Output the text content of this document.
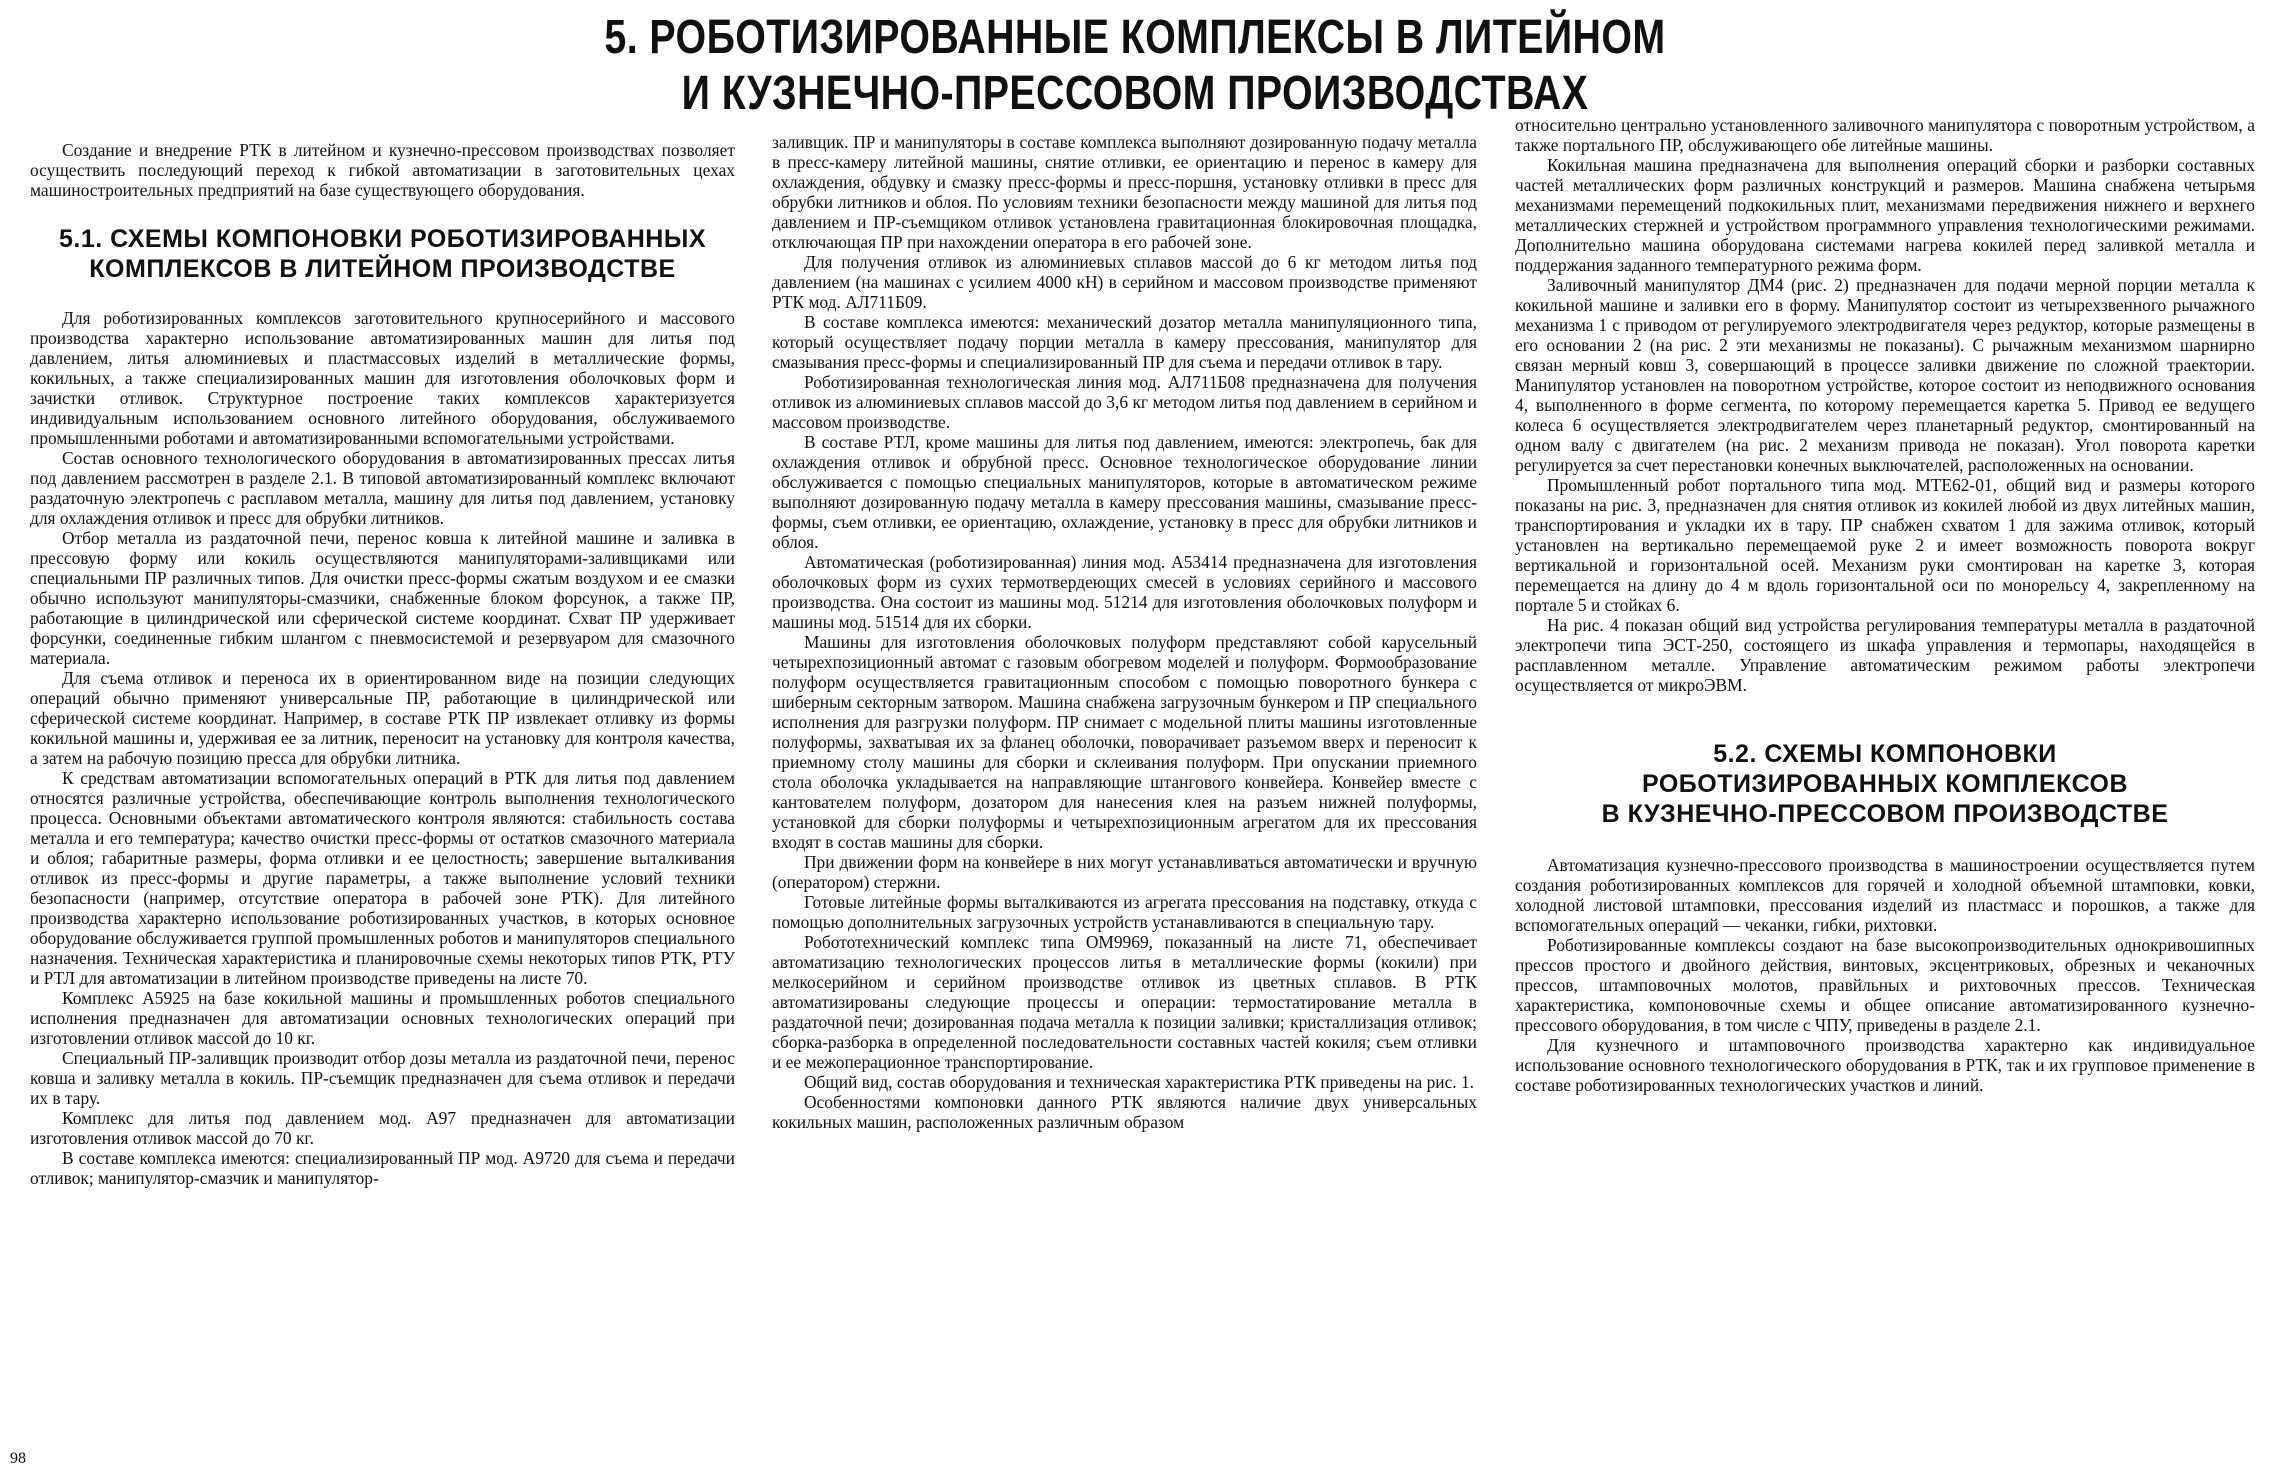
5. РОБОТИЗИРОВАННЫЕ КОМПЛЕКСЫ В ЛИТЕЙНОМ
И КУЗНЕЧНО-ПРЕССОВОМ ПРОИЗВОДСТВАХ

Создание и внедрение РТК в литейном и кузнечно-прессовом производствах позволяет осуществить последующий переход к гибкой автоматизации в заготовительных цехах машиностроительных предприятий на базе существующего оборудования.

5.1. СХЕМЫ КОМПОНОВКИ РОБОТИЗИРОВАННЫХ
КОМПЛЕКСОВ В ЛИТЕЙНОМ ПРОИЗВОДСТВЕ

Для роботизированных комплексов заготовительного крупносерийного и массового производства характерно использование автоматизированных машин для литья под давлением, литья алюминиевых и пластмассовых изделий в металлические формы, кокильных, а также специализированных машин для изготовления оболочковых форм и зачистки отливок. Структурное построение таких комплексов характеризуется индивидуальным использованием основного литейного оборудования, обслуживаемого промышленными роботами и автоматизированными вспомогательными устройствами.

Состав основного технологического оборудования в автоматизированных прессах литья под давлением рассмотрен в разделе 2.1. В типовой автоматизированный комплекс включают раздаточную электропечь с расплавом металла, машину для литья под давлением, установку для охлаждения отливок и пресс для обрубки литников.

Отбор металла из раздаточной печи, перенос ковша к литейной машине и заливка в прессовую форму или кокиль осуществляются манипуляторами-заливщиками или специальными ПР различных типов. Для очистки пресс-формы сжатым воздухом и ее смазки обычно используют манипуляторы-смазчики, снабженные блоком форсунок, а также ПР, работающие в цилиндрической или сферической системе координат. Схват ПР удерживает форсунки, соединенные гибким шлангом с пневмосистемой и резервуаром для смазочного материала.

Для съема отливок и переноса их в ориентированном виде на позиции следующих операций обычно применяют универсальные ПР, работающие в цилиндрической или сферической системе координат. Например, в составе РТК ПР извлекает отливку из формы кокильной машины и, удерживая ее за литник, переносит на установку для контроля качества, а затем на рабочую позицию пресса для обрубки литника.

К средствам автоматизации вспомогательных операций в РТК для литья под давлением относятся различные устройства, обеспечивающие контроль выполнения технологического процесса. Основными объектами автоматического контроля являются: стабильность состава металла и его температура; качество очистки пресс-формы от остатков смазочного материала и облоя; габаритные размеры, форма отливки и ее целостность; завершение выталкивания отливок из пресс-формы и другие параметры, а также выполнение условий техники безопасности (например, отсутствие оператора в рабочей зоне РТК). Для литейного производства характерно использование роботизированных участков, в которых основное оборудование обслуживается группой промышленных роботов и манипуляторов специального назначения. Техническая характеристика и планировочные схемы некоторых типов РТК, РТУ и РТЛ для автоматизации в литейном производстве приведены на листе 70.

Комплекс А5925 на базе кокильной машины и промышленных роботов специального исполнения предназначен для автоматизации основных технологических операций при изготовлении отливок массой до 10 кг.

Специальный ПР-заливщик производит отбор дозы металла из раздаточной печи, перенос ковша и заливку металла в кокиль. ПР-съемщик предназначен для съема отливок и передачи их в тару.

Комплекс для литья под давлением мод. А97 предназначен для автоматизации изготовления отливок массой до 70 кг.

В составе комплекса имеются: специализированный ПР мод. А9720 для съема и передачи отливок; манипулятор-смазчик и манипулятор-

заливщик. ПР и манипуляторы в составе комплекса выполняют дозированную подачу металла в пресс-камеру литейной машины, снятие отливки, ее ориентацию и перенос в камеру для охлаждения, обдувку и смазку пресс-формы и пресс-поршня, установку отливки в пресс для обрубки литников и облоя. По условиям техники безопасности между машиной для литья под давлением и ПР-съемщиком отливок установлена гравитационная блокировочная площадка, отключающая ПР при нахождении оператора в его рабочей зоне.

Для получения отливок из алюминиевых сплавов массой до 6 кг методом литья под давлением (на машинах с усилием 4000 кН) в серийном и массовом производстве применяют РТК мод. АЛ711Б09.

В составе комплекса имеются: механический дозатор металла манипуляционного типа, который осуществляет подачу порции металла в камеру прессования, манипулятор для смазывания пресс-формы и специализированный ПР для съема и передачи отливок в тару.

Роботизированная технологическая линия мод. АЛ711Б08 предназначена для получения отливок из алюминиевых сплавов массой до 3,6 кг методом литья под давлением в серийном и массовом производстве.

В составе РТЛ, кроме машины для литья под давлением, имеются: электропечь, бак для охлаждения отливок и обрубной пресс. Основное технологическое оборудование линии обслуживается с помощью специальных манипуляторов, которые в автоматическом режиме выполняют дозированную подачу металла в камеру прессования машины, смазывание пресс-формы, съем отливки, ее ориентацию, охлаждение, установку в пресс для обрубки литников и облоя.

Автоматическая (роботизированная) линия мод. А53414 предназначена для изготовления оболочковых форм из сухих термотвердеющих смесей в условиях серийного и массового производства. Она состоит из машины мод. 51214 для изготовления оболочковых полуформ и машины мод. 51514 для их сборки.

Машины для изготовления оболочковых полуформ представляют собой карусельный четырехпозиционный автомат с газовым обогревом моделей и полуформ. Формообразование полуформ осуществляется гравитационным способом с помощью поворотного бункера с шиберным секторным затвором. Машина снабжена загрузочным бункером и ПР специального исполнения для разгрузки полуформ. ПР снимает с модельной плиты машины изготовленные полуформы, захватывая их за фланец оболочки, поворачивает разъемом вверх и переносит к приемному столу машины для сборки и склеивания полуформ. При опускании приемного стола оболочка укладывается на направляющие штангового конвейера. Конвейер вместе с кантователем полуформ, дозатором для нанесения клея на разъем нижней полуформы, установкой для сборки полуформы и четырехпозиционным агрегатом для их прессования входят в состав машины для сборки.

При движении форм на конвейере в них могут устанавливаться автоматически и вручную (оператором) стержни.

Готовые литейные формы выталкиваются из агрегата прессования на подставку, откуда с помощью дополнительных загрузочных устройств устанавливаются в специальную тару.

Робототехнический комплекс типа ОМ9969, показанный на листе 71, обеспечивает автоматизацию технологических процессов литья в металлические формы (кокили) при мелкосерийном и серийном производстве отливок из цветных сплавов. В РТК автоматизированы следующие процессы и операции: термостатирование металла в раздаточной печи; дозированная подача металла к позиции заливки; кристаллизация отливок; сборка-разборка в определенной последовательности составных частей кокиля; съем отливки и ее межоперационное транспортирование.

Общий вид, состав оборудования и техническая характеристика РТК приведены на рис. 1.

Особенностями компоновки данного РТК являются наличие двух универсальных кокильных машин, расположенных различным образом

относительно центрально установленного заливочного манипулятора с поворотным устройством, а также портального ПР, обслуживающего обе литейные машины.

Кокильная машина предназначена для выполнения операций сборки и разборки составных частей металлических форм различных конструкций и размеров. Машина снабжена четырьмя механизмами перемещений подкокильных плит, механизмами передвижения нижнего и верхнего металлических стержней и устройством программного управления технологическими режимами. Дополнительно машина оборудована системами нагрева кокилей перед заливкой металла и поддержания заданного температурного режима форм.

Заливочный манипулятор ДМ4 (рис. 2) предназначен для подачи мерной порции металла к кокильной машине и заливки его в форму. Манипулятор состоит из четырехзвенного рычажного механизма 1 с приводом от регулируемого электродвигателя через редуктор, которые размещены в его основании 2 (на рис. 2 эти механизмы не показаны). С рычажным механизмом шарнирно связан мерный ковш 3, совершающий в процессе заливки движение по сложной траектории. Манипулятор установлен на поворотном устройстве, которое состоит из неподвижного основания 4, выполненного в форме сегмента, по которому перемещается каретка 5. Привод ее ведущего колеса 6 осуществляется электродвигателем через планетарный редуктор, смонтированный на одном валу с двигателем (на рис. 2 механизм привода не показан). Угол поворота каретки регулируется за счет перестановки конечных выключателей, расположенных на основании.

Промышленный робот портального типа мод. МТЕ62-01, общий вид и размеры которого показаны на рис. 3, предназначен для снятия отливок из кокилей любой из двух литейных машин, транспортирования и укладки их в тару. ПР снабжен схватом 1 для зажима отливок, который установлен на вертикально перемещаемой руке 2 и имеет возможность поворота вокруг вертикальной и горизонтальной осей. Механизм руки смонтирован на каретке 3, которая перемещается на длину до 4 м вдоль горизонтальной оси по монорельсу 4, закрепленному на портале 5 и стойках 6.

На рис. 4 показан общий вид устройства регулирования температуры металла в раздаточной электропечи типа ЭСТ-250, состоящего из шкафа управления и термопары, находящейся в расплавленном металле. Управление автоматическим режимом работы электропечи осуществляется от микроЭВМ.

5.2. СХЕМЫ КОМПОНОВКИ
РОБОТИЗИРОВАННЫХ КОМПЛЕКСОВ
В КУЗНЕЧНО-ПРЕССОВОМ ПРОИЗВОДСТВЕ

Автоматизация кузнечно-прессового производства в машиностроении осуществляется путем создания роботизированных комплексов для горячей и холодной объемной штамповки, ковки, холодной листовой штамповки, прессования изделий из пластмасс и порошков, а также для вспомогательных операций — чеканки, гибки, рихтовки.

Роботизированные комплексы создают на базе высокопроизводительных однокривошипных прессов простого и двойного действия, винтовых, эксцентриковых, обрезных и чеканочных прессов, штамповочных молотов, правйльных и рихтовочных прессов. Техническая характеристика, компоновочные схемы и общее описание автоматизированного кузнечно-прессового оборудования, в том числе с ЧПУ, приведены в разделе 2.1.

Для кузнечного и штамповочного производства характерно как индивидуальное использование основного технологического оборудования в РТК, так и их групповое применение в составе роботизированных технологических участков и линий.

98
